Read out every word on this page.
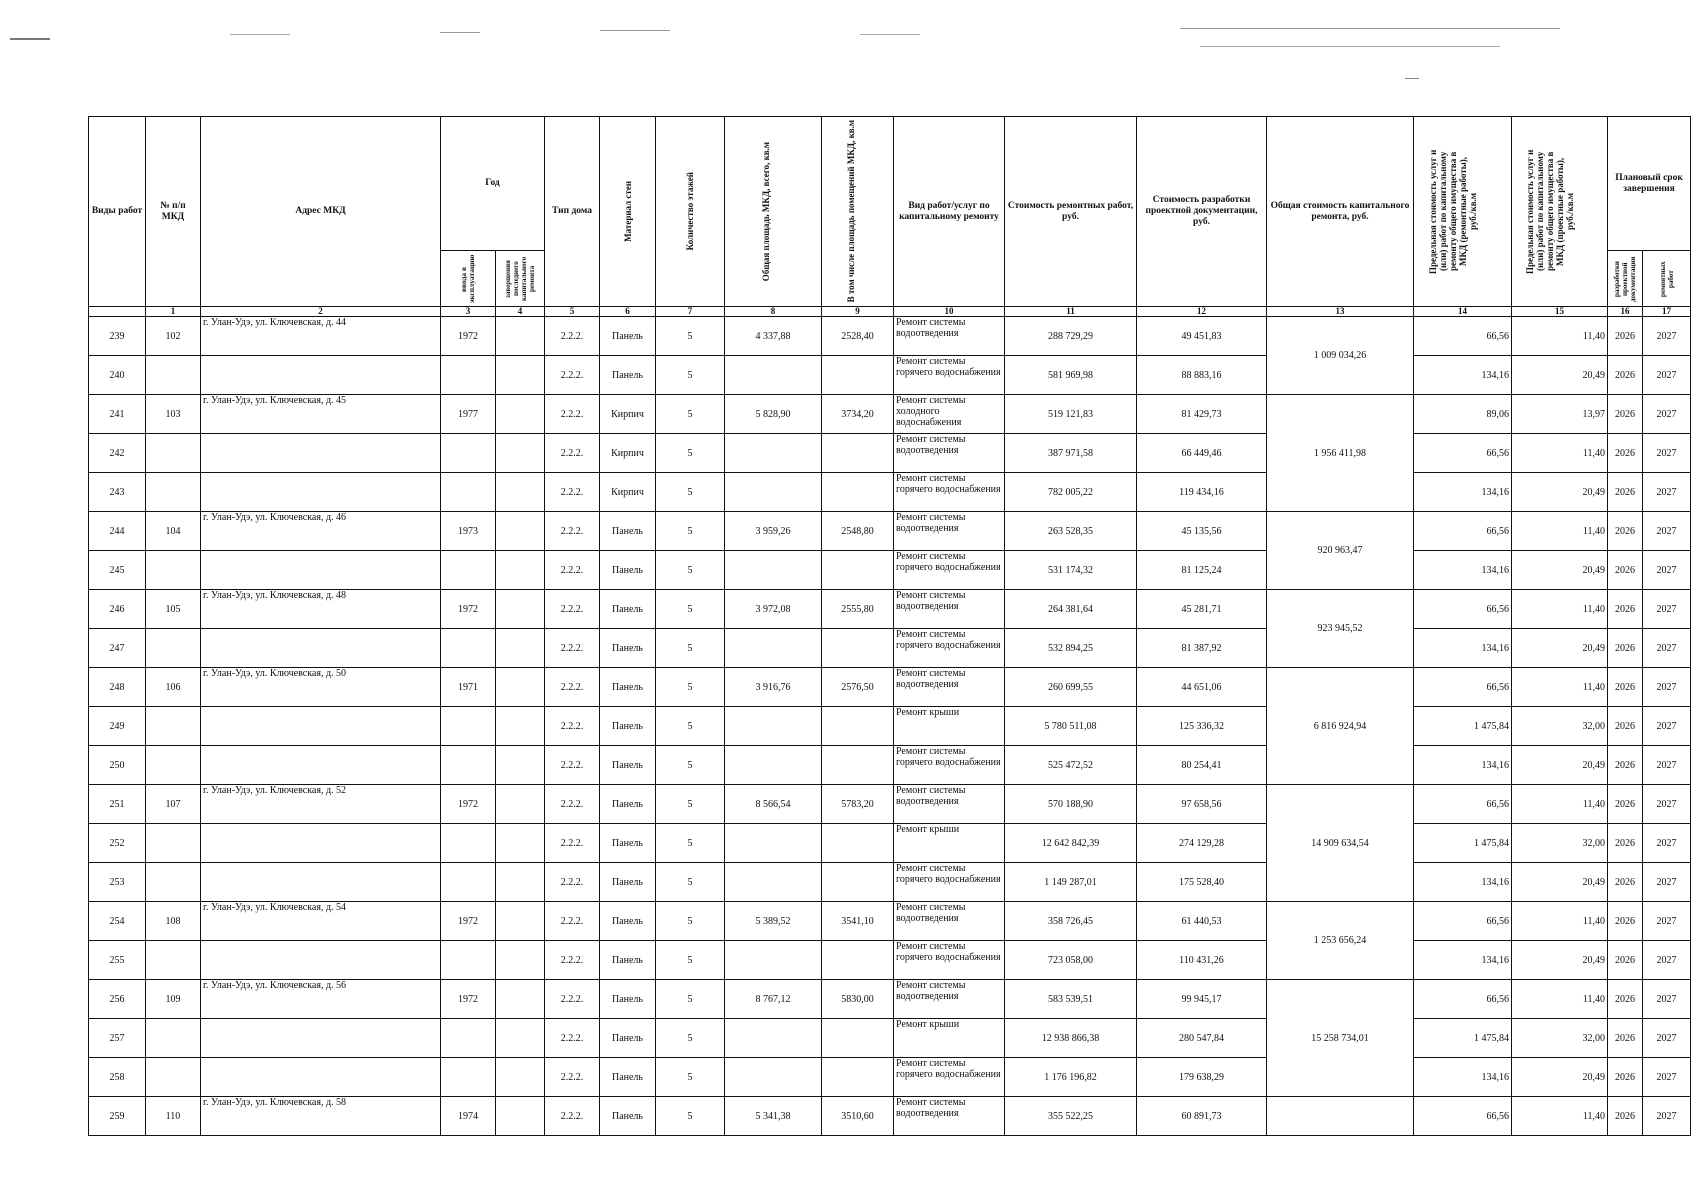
Виды работ	№ п/п МКД	Адрес МКД	Год		Тип дома	Материал стен	Количество этажей	Общая площадь МКД, всего, кв.м	В том числе площадь помещений МКД, кв.м	Вид работ/услуг по капитальному ремонту	Стоимость ремонтных работ, руб.	Стоимость разработки проектной документации, руб.	Общая стоимость капитального ремонта, руб.	Предельная стоимость услуг и (или) работ по капитальному ремонту общего имущества в МКД (ремонтные работы), руб./кв.м	Предельная стоимость услуг и (или) работ по капитальному ремонту общего имущества в МКД (проектные работы), руб./кв.м	Плановый срок завершения	

			ввода в эксплуатацию	завершения последнего капитального ремонта												разработки проектной документации	ремонтных работ

	1	2	3	4	5	6	7	8	9	10	11	12	13	14	15	16	17
239	102	г. Улан-Удэ, ул. Ключевская, д. 44	1972		2.2.2.	Панель	5	4 337,88	2528,40	Ремонт системы водоотведения	288 729,29	49 451,83	1 009 034,26	66,56	11,40	2026	2027
240					2.2.2.	Панель	5			Ремонт системы горячего водоснабжения	581 969,98	88 883,16		134,16	20,49	2026	2027
241	103	г. Улан-Удэ, ул. Ключевская, д. 45	1977		2.2.2.	Кирпич	5	5 828,90	3734,20	Ремонт системы холодного водоснабжения	519 121,83	81 429,73	1 956 411,98	89,06	13,97	2026	2027
242					2.2.2.	Кирпич	5			Ремонт системы водоотведения	387 971,58	66 449,46		66,56	11,40	2026	2027
243					2.2.2.	Кирпич	5			Ремонт системы горячего водоснабжения	782 005,22	119 434,16		134,16	20,49	2026	2027
244	104	г. Улан-Удэ, ул. Ключевская, д. 46	1973		2.2.2.	Панель	5	3 959,26	2548,80	Ремонт системы водоотведения	263 528,35	45 135,56	920 963,47	66,56	11,40	2026	2027
245					2.2.2.	Панель	5			Ремонт системы горячего водоснабжения	531 174,32	81 125,24		134,16	20,49	2026	2027
246	105	г. Улан-Удэ, ул. Ключевская, д. 48	1972		2.2.2.	Панель	5	3 972,08	2555,80	Ремонт системы водоотведения	264 381,64	45 281,71	923 945,52	66,56	11,40	2026	2027
247					2.2.2.	Панель	5			Ремонт системы горячего водоснабжения	532 894,25	81 387,92		134,16	20,49	2026	2027
248	106	г. Улан-Удэ, ул. Ключевская, д. 50	1971		2.2.2.	Панель	5	3 916,76	2576,50	Ремонт системы водоотведения	260 699,55	44 651,06	6 816 924,94	66,56	11,40	2026	2027
249					2.2.2.	Панель	5			Ремонт крыши	5 780 511,08	125 336,32		1 475,84	32,00	2026	2027
250					2.2.2.	Панель	5			Ремонт системы горячего водоснабжения	525 472,52	80 254,41		134,16	20,49	2026	2027
251	107	г. Улан-Удэ, ул. Ключевская, д. 52	1972		2.2.2.	Панель	5	8 566,54	5783,20	Ремонт системы водоотведения	570 188,90	97 658,56	14 909 634,54	66,56	11,40	2026	2027
252					2.2.2.	Панель	5			Ремонт крыши	12 642 842,39	274 129,28		1 475,84	32,00	2026	2027
253					2.2.2.	Панель	5			Ремонт системы горячего водоснабжения	1 149 287,01	175 528,40		134,16	20,49	2026	2027
254	108	г. Улан-Удэ, ул. Ключевская, д. 54	1972		2.2.2.	Панель	5	5 389,52	3541,10	Ремонт системы водоотведения	358 726,45	61 440,53	1 253 656,24	66,56	11,40	2026	2027
255					2.2.2.	Панель	5			Ремонт системы горячего водоснабжения	723 058,00	110 431,26		134,16	20,49	2026	2027
256	109	г. Улан-Удэ, ул. Ключевская, д. 56	1972		2.2.2.	Панель	5	8 767,12	5830,00	Ремонт системы водоотведения	583 539,51	99 945,17	15 258 734,01	66,56	11,40	2026	2027
257					2.2.2.	Панель	5			Ремонт крыши	12 938 866,38	280 547,84		1 475,84	32,00	2026	2027
258					2.2.2.	Панель	5			Ремонт системы горячего водоснабжения	1 176 196,82	179 638,29		134,16	20,49	2026	2027
259	110	г. Улан-Удэ, ул. Ключевская, д. 58	1974		2.2.2.	Панель	5	5 341,38	3510,60	Ремонт системы водоотведения	355 522,25	60 891,73		66,56	11,40	2026	2027
